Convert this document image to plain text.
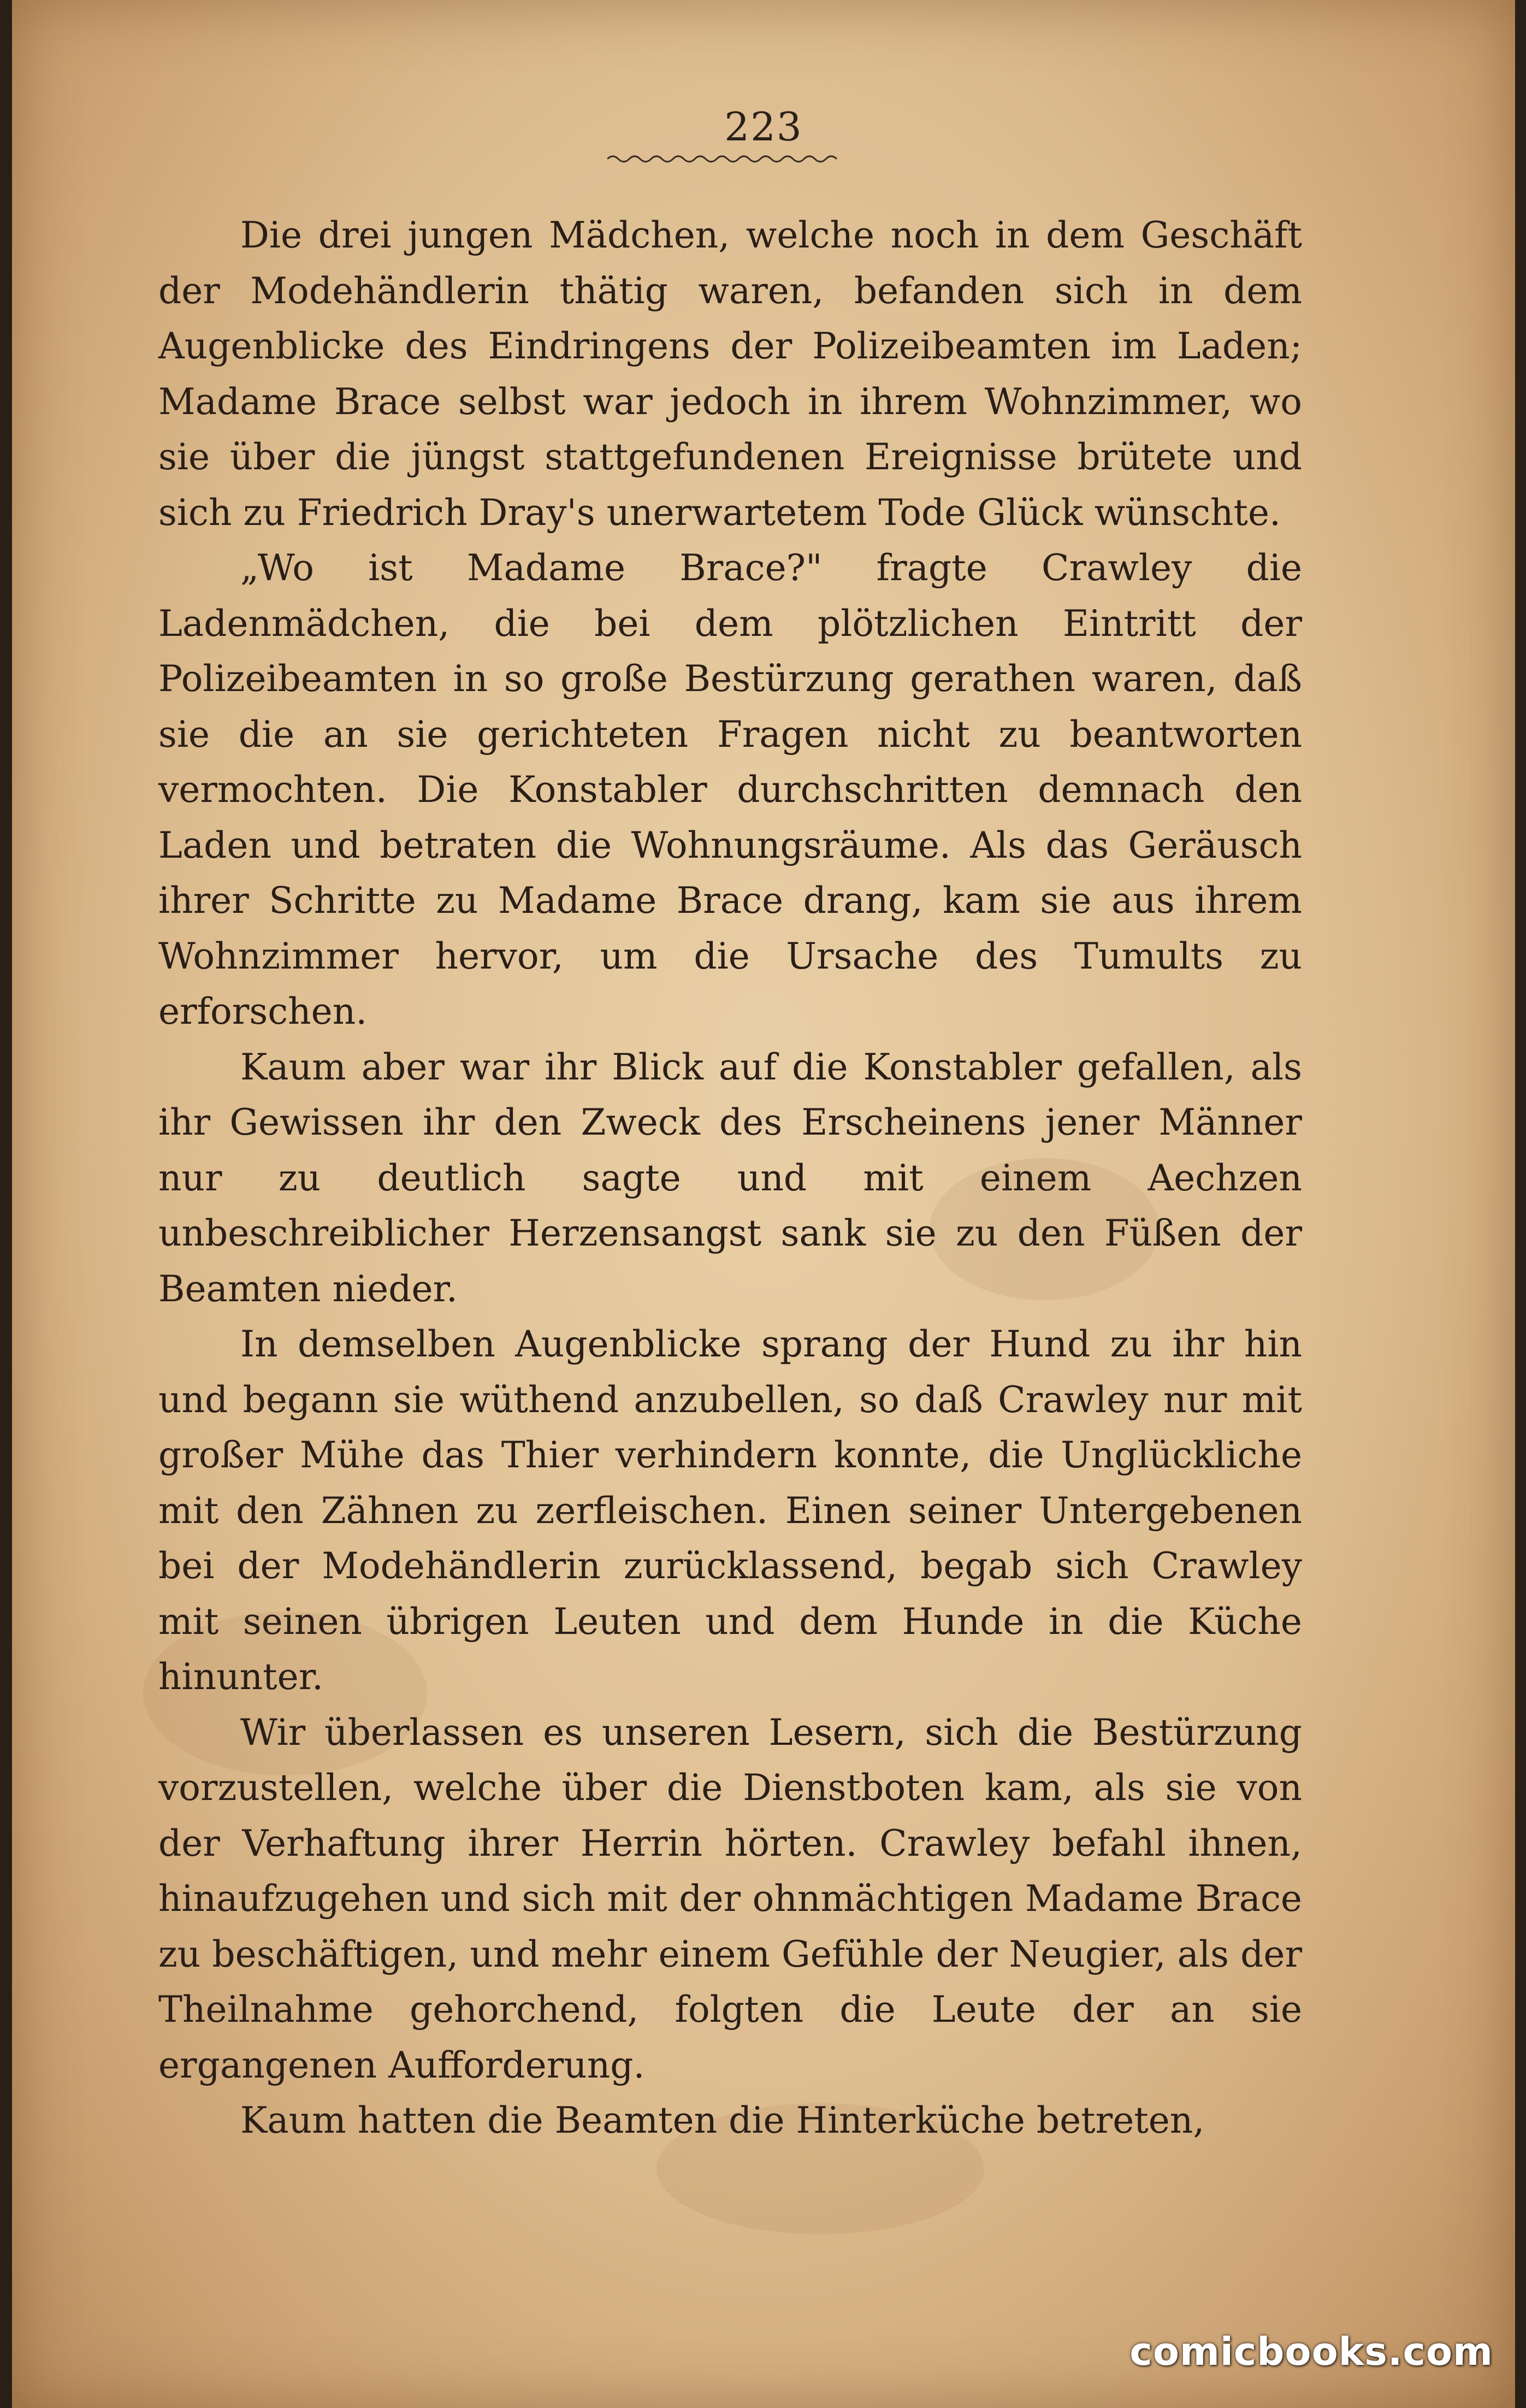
223

Die drei jungen Mädchen, welche noch in dem Geschäft der Modehändlerin thätig waren, befanden sich in dem Augenblicke des Eindringens der Polizeibeamten im Laden; Madame Brace selbst war jedoch in ihrem Wohnzimmer, wo sie über die jüngst stattgefundenen Ereignisse brütete und sich zu Friedrich Dray's unerwartetem Tode Glück wünschte.

„Wo ist Madame Brace?" fragte Crawley die Ladenmädchen, die bei dem plötzlichen Eintritt der Polizeibeamten in so große Bestürzung gerathen waren, daß sie die an sie gerichteten Fragen nicht zu beantworten vermochten. Die Konstabler durchschritten demnach den Laden und betraten die Wohnungsräume. Als das Geräusch ihrer Schritte zu Madame Brace drang, kam sie aus ihrem Wohnzimmer hervor, um die Ursache des Tumults zu erforschen.

Kaum aber war ihr Blick auf die Konstabler gefallen, als ihr Gewissen ihr den Zweck des Erscheinens jener Männer nur zu deutlich sagte und mit einem Aechzen unbeschreiblicher Herzensangst sank sie zu den Füßen der Beamten nieder.

In demselben Augenblicke sprang der Hund zu ihr hin und begann sie wüthend anzubellen, so daß Crawley nur mit großer Mühe das Thier verhindern konnte, die Unglückliche mit den Zähnen zu zerfleischen. Einen seiner Untergebenen bei der Modehändlerin zurücklassend, begab sich Crawley mit seinen übrigen Leuten und dem Hunde in die Küche hinunter.

Wir überlassen es unseren Lesern, sich die Bestürzung vorzustellen, welche über die Dienstboten kam, als sie von der Verhaftung ihrer Herrin hörten. Crawley befahl ihnen, hinaufzugehen und sich mit der ohnmächtigen Madame Brace zu beschäftigen, und mehr einem Gefühle der Neugier, als der Theilnahme gehorchend, folgten die Leute der an sie ergangenen Aufforderung.

Kaum hatten die Beamten die Hinterküche betreten,

comicbooks.com
